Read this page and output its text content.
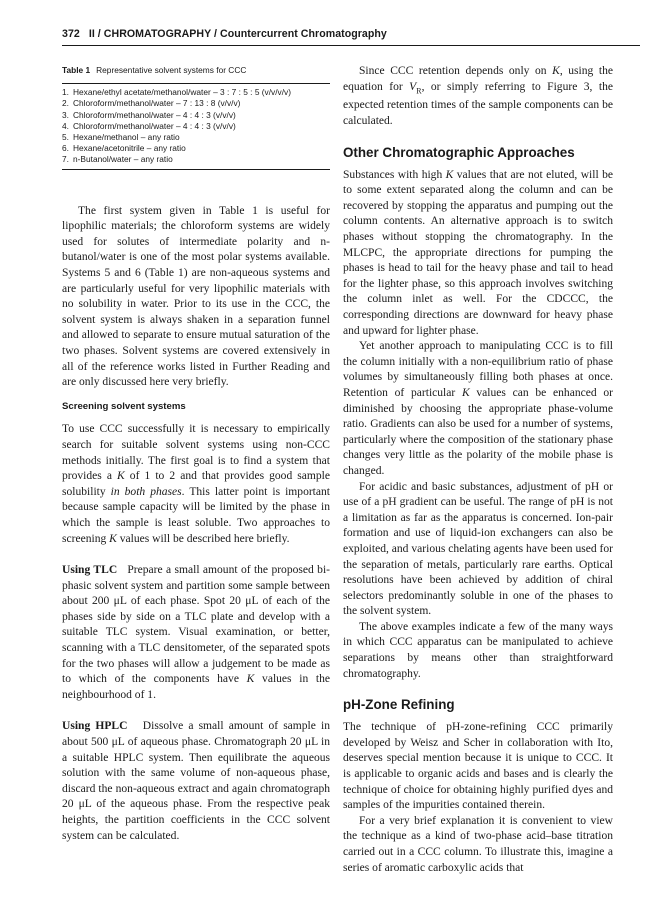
372 II / CHROMATOGRAPHY / Countercurrent Chromatography
Table 1 Representative solvent systems for CCC
1. Hexane/ethyl acetate/methanol/water – 3 : 7 : 5 : 5 (v/v/v/v)
2. Chloroform/methanol/water – 7 : 13 : 8 (v/v/v)
3. Chloroform/methanol/water – 4 : 4 : 3 (v/v/v)
4. Chloroform/methanol/water – 4 : 4 : 3 (v/v/v)
5. Hexane/methanol – any ratio
6. Hexane/acetonitrile – any ratio
7. n-Butanol/water – any ratio

The first system given in Table 1 is useful for lipophilic materials; the chloroform systems are widely used for solutes of intermediate polarity and n-butanol/water is one of the most polar systems available. Systems 5 and 6 (Table 1) are non-aqueous systems and are particularly useful for very lipophilic materials with no solubility in water. Prior to its use in the CCC, the solvent system is always shaken in a separation funnel and allowed to separate to ensure mutual saturation of the two phases. Solvent systems are covered extensively in all of the reference works listed in Further Reading and are only discussed here very briefly.

Screening solvent systems

To use CCC successfully it is necessary to empirically search for suitable solvent systems using non-CCC methods initially. The first goal is to find a system that provides a K of 1 to 2 and that provides good sample solubility in both phases. This latter point is important because sample capacity will be limited by the phase in which the sample is least soluble. Two approaches to screening K values will be described here briefly.

Using TLC Prepare a small amount of the proposed bi-phasic solvent system and partition some sample between about 200 μL of each phase. Spot 20 μL of each of the phases side by side on a TLC plate and develop with a suitable TLC system. Visual examination, or better, scanning with a TLC densitometer, of the separated spots for the two phases will allow a judgement to be made as to which of the components have K values in the neighbourhood of 1.

Using HPLC Dissolve a small amount of sample in about 500 μL of aqueous phase. Chromatograph 20 μL in a suitable HPLC system. Then equilibrate the aqueous solution with the same volume of non-aqueous phase, discard the non-aqueous extract and again chromatograph 20 μL of the aqueous phase. From the respective peak heights, the partition coefficients in the CCC solvent system can be calculated.

Since CCC retention depends only on K, using the equation for $V_R$, or simply referring to Figure 3, the expected retention times of the sample components can be calculated.

Other Chromatographic Approaches

Substances with high K values that are not eluted, will be to some extent separated along the column and can be recovered by stopping the apparatus and pumping out the column contents. An alternative approach is to switch phases without stopping the chromatography. In the MLCPC, the appropriate directions for pumping the phases is head to tail for the heavy phase and tail to head for the lighter phase, so this approach involves switching the column inlet as well. For the CDCCC, the corresponding directions are downward for heavy phase and upward for lighter phase.

Yet another approach to manipulating CCC is to fill the column initially with a non-equilibrium ratio of phase volumes by simultaneously filling both phases at once. Retention of particular K values can be enhanced or diminished by choosing the appropriate phase-volume ratio. Gradients can also be used for a number of systems, particularly where the composition of the stationary phase changes very little as the polarity of the mobile phase is changed.

For acidic and basic substances, adjustment of pH or use of a pH gradient can be useful. The range of pH is not a limitation as far as the apparatus is concerned. Ion-pair formation and use of liquid-ion exchangers can also be exploited, and various chelating agents have been used for the separation of metals, particularly rare earths. Optical resolutions have been achieved by addition of chiral selectors predominantly soluble in one of the phases to the solvent system.

The above examples indicate a few of the many ways in which CCC apparatus can be manipulated to achieve separations by means other than straightforward chromatography.

pH-Zone Refining

The technique of pH-zone-refining CCC primarily developed by Weisz and Scher in collaboration with Ito, deserves special mention because it is unique to CCC. It is applicable to organic acids and bases and is clearly the technique of choice for obtaining highly purified dyes and samples of the impurities contained therein.

For a very brief explanation it is convenient to view the technique as a kind of two-phase acid–base titration carried out in a CCC column. To illustrate this, imagine a series of aromatic carboxylic acids that
